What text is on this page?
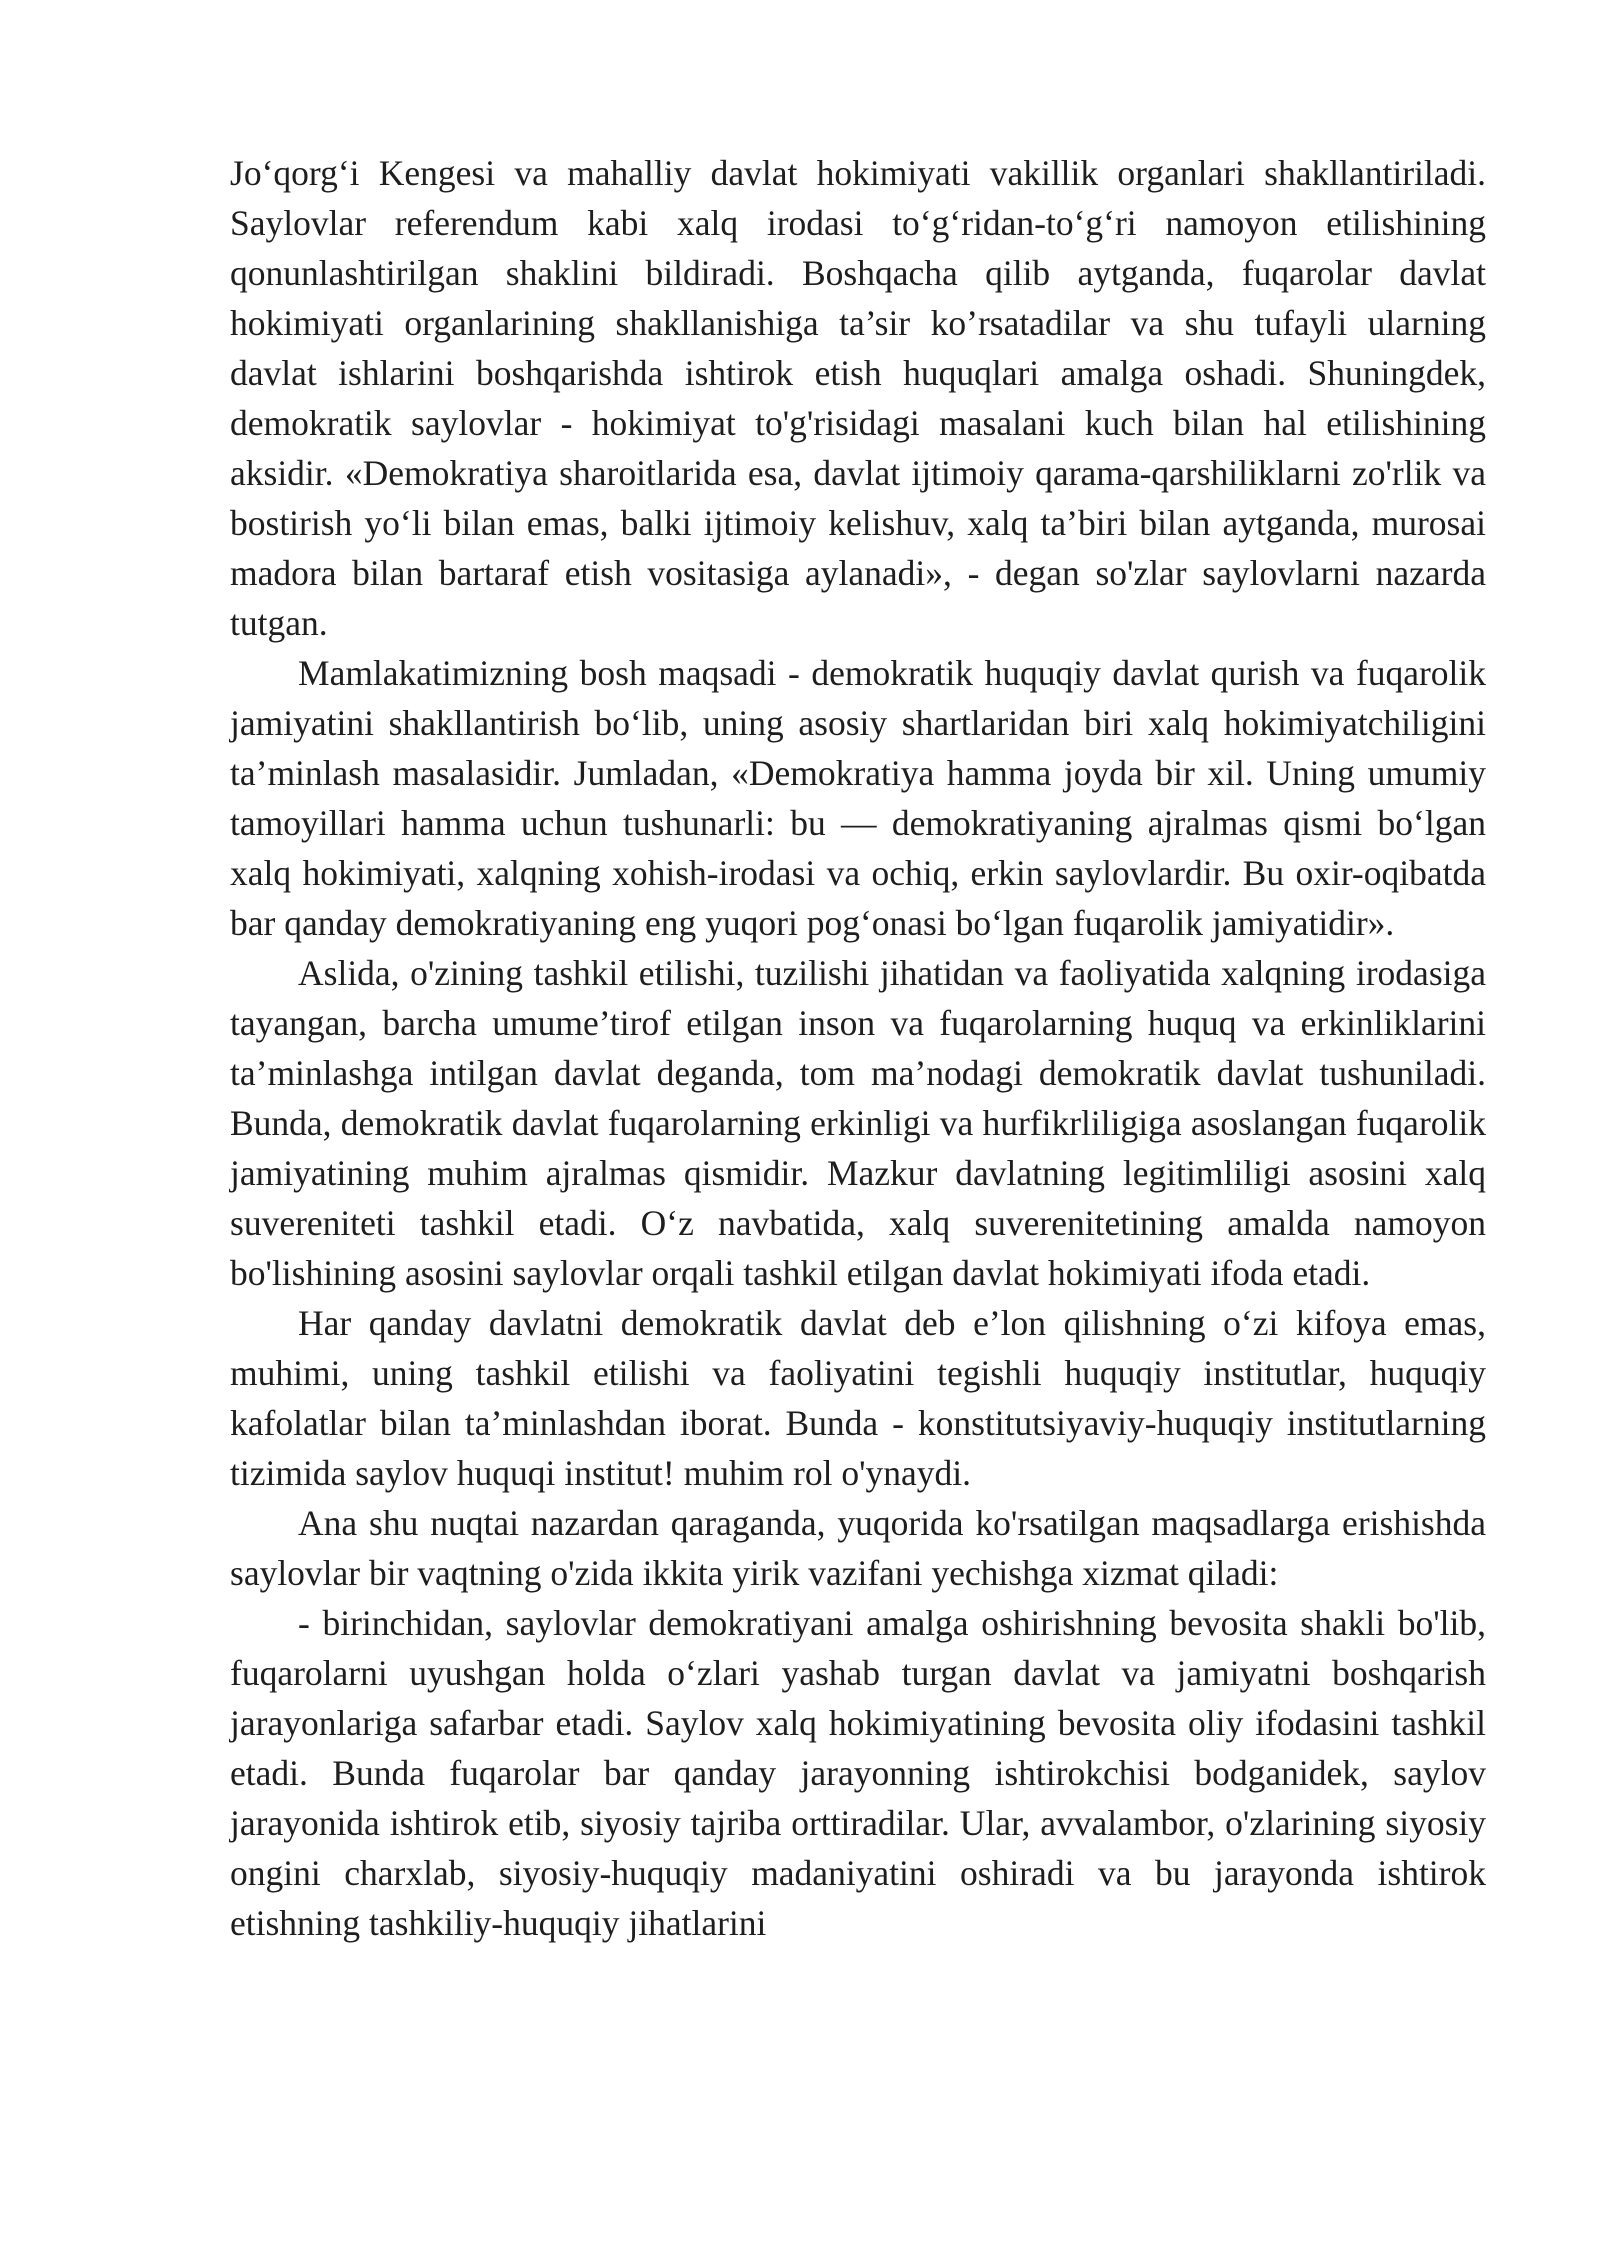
Jo‘qorg‘i Kengesi va mahalliy davlat hokimiyati vakillik organlari shakllantiriladi. Saylovlar referendum kabi xalq irodasi to‘g‘ridan-to‘g‘ri namoyon etilishining qonunlashtirilgan shaklini bildiradi. Boshqacha qilib aytganda, fuqarolar davlat hokimiyati organlarining shakllanishiga ta’sir ko’rsatadilar va shu tufayli ularning davlat ishlarini boshqarishda ishtirok etish huquqlari amalga oshadi. Shuningdek, demokratik saylovlar - hokimiyat to'g'risidagi masalani kuch bilan hal etilishining aksidir. «Demokratiya sharoitlarida esa, davlat ijtimoiy qarama-qarshiliklarni zo'rlik va bostirish yo‘li bilan emas, balki ijtimoiy kelishuv, xalq ta’biri bilan aytganda, murosai madora bilan bartaraf etish vositasiga aylanadi», - degan so'zlar saylovlarni nazarda tutgan.

Mamlakatimizning bosh maqsadi - demokratik huquqiy davlat qurish va fuqarolik jamiyatini shakllantirish bo‘lib, uning asosiy shartlaridan biri xalq hokimiyatchiligini ta’minlash masalasidir. Jumladan, «Demokratiya hamma joyda bir xil. Uning umumiy tamoyillari hamma uchun tushunarli: bu — demokratiyaning ajralmas qismi bo‘lgan xalq hokimiyati, xalqning xohish-irodasi va ochiq, erkin saylovlardir. Bu oxir-oqibatda bar qanday demokratiyaning eng yuqori pog‘onasi bo‘lgan fuqarolik jamiyatidir».

Aslida, o'zining tashkil etilishi, tuzilishi jihatidan va faoliyatida xalqning irodasiga tayangan, barcha umume’tirof etilgan inson va fuqarolarning huquq va erkinliklarini ta’minlashga intilgan davlat deganda, tom ma’nodagi demokratik davlat tushuniladi. Bunda, demokratik davlat fuqarolarning erkinligi va hurfikrliligiga asoslangan fuqarolik jamiyatining muhim ajralmas qismidir. Mazkur davlatning legitimliligi asosini xalq suvereniteti tashkil etadi. O‘z navbatida, xalq suverenitetining amalda namoyon bo'lishining asosini saylovlar orqali tashkil etilgan davlat hokimiyati ifoda etadi.

Har qanday davlatni demokratik davlat deb e’lon qilishning o‘zi kifoya emas, muhimi, uning tashkil etilishi va faoliyatini tegishli huquqiy institutlar, huquqiy kafolatlar bilan ta’minlashdan iborat. Bunda - konstitutsiyaviy-huquqiy institutlarning tizimida saylov huquqi institut! muhim rol o'ynaydi.

Ana shu nuqtai nazardan qaraganda, yuqorida ko'rsatilgan maqsadlarga erishishda saylovlar bir vaqtning o'zida ikkita yirik vazifani yechishga xizmat qiladi:

- birinchidan, saylovlar demokratiyani amalga oshirishning bevosita shakli bo'lib, fuqarolarni uyushgan holda o‘zlari yashab turgan davlat va jamiyatni boshqarish jarayonlariga safarbar etadi. Saylov xalq hokimiyatining bevosita oliy ifodasini tashkil etadi. Bunda fuqarolar bar qanday jarayonning ishtirokchisi bodganidek, saylov jarayonida ishtirok etib, siyosiy tajriba orttiradilar. Ular, avvalambor, o'zlarining siyosiy ongini charxlab, siyosiy-huquqiy madaniyatini oshiradi va bu jarayonda ishtirok etishning tashkiliy-huquqiy jihatlarini
